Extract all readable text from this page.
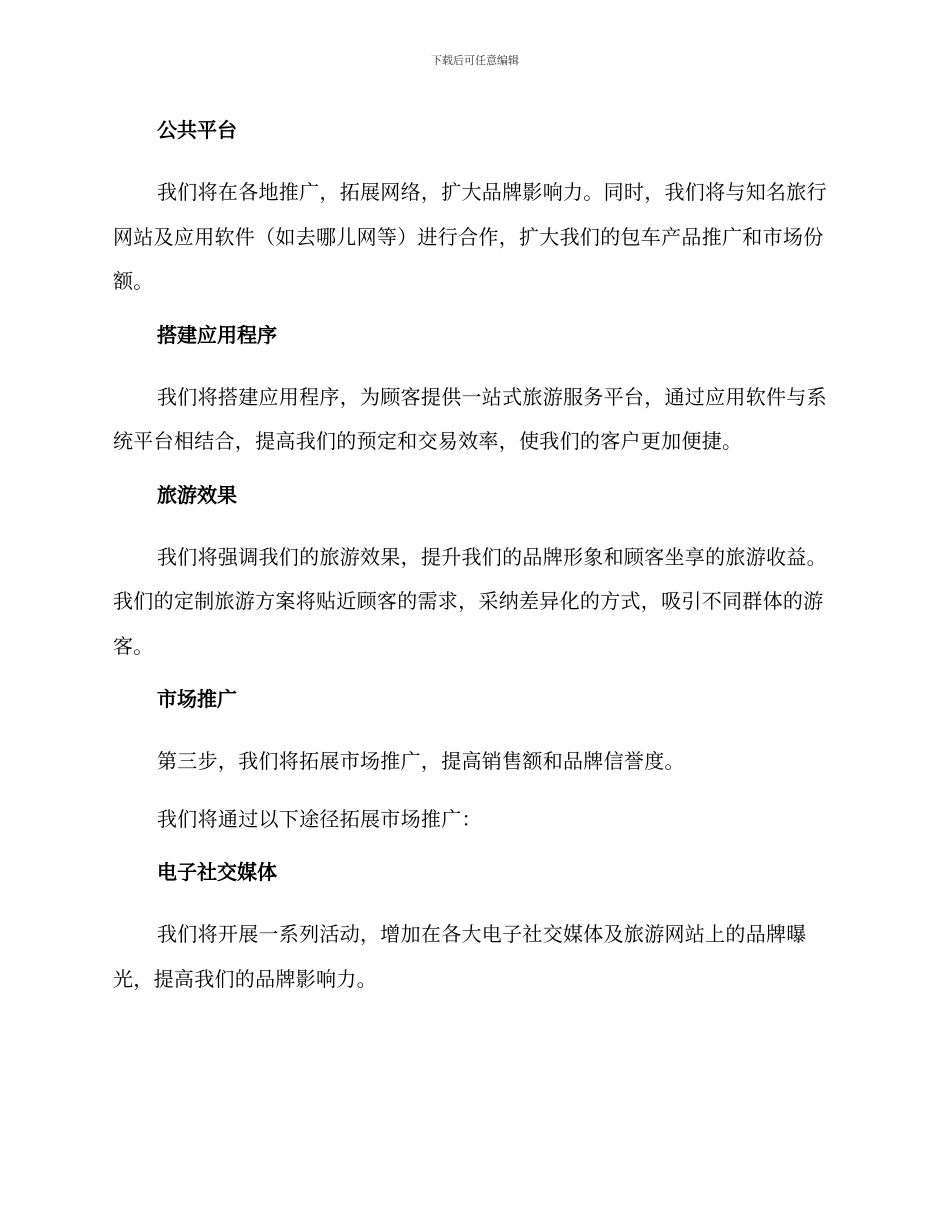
下载后可任意编辑
公共平台

我们将在各地推广，拓展网络，扩大品牌影响力。同时，我们将与知名旅行网站及应用软件（如去哪儿网等）进行合作，扩大我们的包车产品推广和市场份额。

搭建应用程序

我们将搭建应用程序，为顾客提供一站式旅游服务平台，通过应用软件与系统平台相结合，提高我们的预定和交易效率，使我们的客户更加便捷。

旅游效果

我们将强调我们的旅游效果，提升我们的品牌形象和顾客坐享的旅游收益。我们的定制旅游方案将贴近顾客的需求，采纳差异化的方式，吸引不同群体的游客。

市场推广

第三步，我们将拓展市场推广，提高销售额和品牌信誉度。

我们将通过以下途径拓展市场推广：

电子社交媒体

我们将开展一系列活动，增加在各大电子社交媒体及旅游网站上的品牌曝光，提高我们的品牌影响力。
